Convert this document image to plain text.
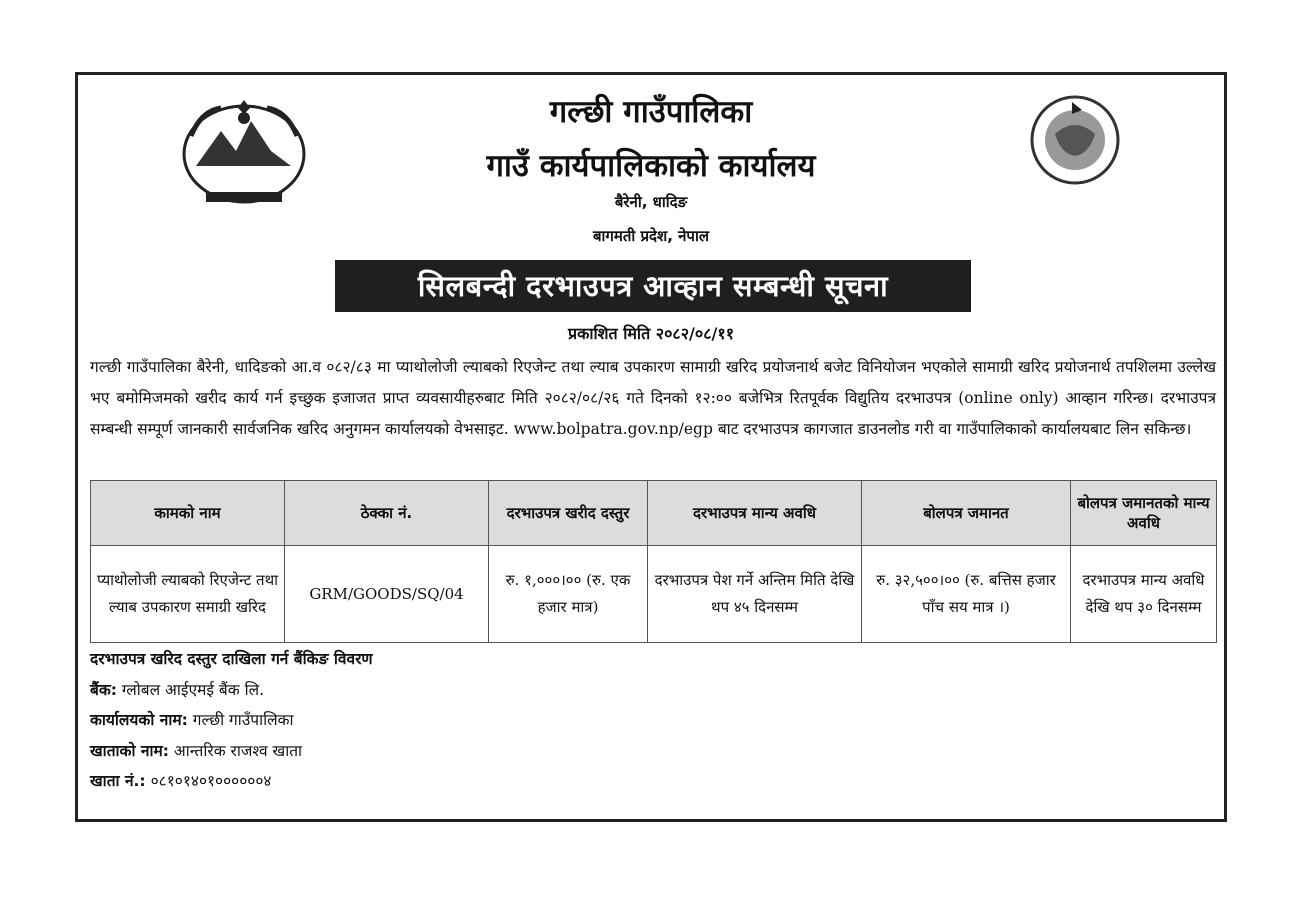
गल्छी गाउँपालिका
गाउँ कार्यपालिकाको कार्यालय
बैरेनी, धादिङ
बागमती प्रदेश, नेपाल
सिलबन्दी दरभाउपत्र आव्हान सम्बन्धी सूचना
प्रकाशित मिति २०८२/०८/११
गल्छी गाउँपालिका बैरेनी, धादिङको आ.व ०८२/८३ मा प्याथोलोजी ल्याबको रिएजेन्ट तथा ल्याब उपकारण सामाग्री खरिद प्रयोजनार्थ बजेट विनियोजन भएकोले सामाग्री खरिद प्रयोजनार्थ तपशिलमा उल्लेख भए बमोमिजमको खरीद कार्य गर्न इच्छुक इजाजत प्राप्त व्यवसायीहरुबाट मिति २०८२/०८/२६ गते दिनको १२:०० बजेभित्र रितपूर्वक विद्युतिय दरभाउपत्र (online only) आव्हान गरिन्छ। दरभाउपत्र सम्बन्धी सम्पूर्ण जानकारी सार्वजनिक खरिद अनुगमन कार्यालयको वेभसाइट. www.bolpatra.gov.np/egp बाट दरभाउपत्र कागजात डाउनलोड गरी वा गाउँपालिकाको कार्यालयबाट लिन सकिन्छ।
कामको नाम	ठेक्का नं.	दरभाउपत्र खरीद दस्तुर	दरभाउपत्र मान्य अवधि	बोलपत्र जमानत	बोलपत्र जमानतको मान्य अवधि
प्याथोलोजी ल्याबको रिएजेन्ट तथा ल्याब उपकारण समाग्री खरिद	GRM/GOODS/SQ/04	रु. १,०००।०० (रु. एक हजार मात्र)	दरभाउपत्र पेश गर्ने अन्तिम मिति देखि थप ४५ दिनसम्म	रु. ३२,५००।०० (रु. बत्तिस हजार पाँच सय मात्र ।)	दरभाउपत्र मान्य अवधि देखि थप ३० दिनसम्म
दरभाउपत्र खरिद दस्तुर दाखिला गर्न बैंकिङ विवरण
बैंक: ग्लोबल आईएमई बैंक लि.
कार्यालयको नाम: गल्छी गाउँपालिका
खाताको नाम: आन्तरिक राजश्व खाता
खाता नं.: ०८१०१४०१००००००४
